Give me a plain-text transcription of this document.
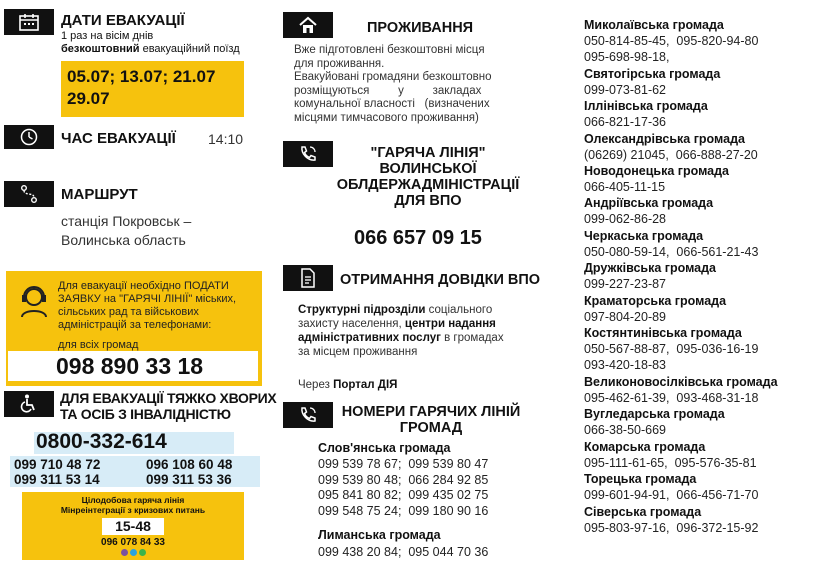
ДАТИ ЕВАКУАЦІЇ
1 раз на вісім днів
безкоштовний евакуаційний поїзд
05.07; 13.07; 21.07
29.07
ЧАС ЕВАКУАЦІЇ 14:10
МАРШРУТ
станція Покровськ –
Волинська область
Для евакуації необхідно ПОДАТИ
ЗАЯВКУ на "ГАРЯЧІ ЛІНІЇ" міських,
сільських рад та військових
адміністрацій за телефонами:
для всіх громад
098 890 33 18
ДЛЯ ЕВАКУАЦІЇ ТЯЖКО ХВОРИХ
ТА ОСІБ З ІНВАЛІДНІСТЮ
0800-332-614
099 710 48 72	096 108 60 48
099 311 53 14	099 311 53 36
Цілодобова гаряча лінія
Мінреінтеграції з кризових питань
15-48
096 078 84 33
ПРОЖИВАННЯ
Вже підготовлені безкоштовні місця
для проживання.
Евакуйовані громадяни безкоштовно
розміщуються         у         закладах
комунальної власності   (визначених
місцями тимчасового проживання)
"ГАРЯЧА ЛІНІЯ"
ВОЛИНСЬКОЇ
ОБЛДЕРЖАДМІНІСТРАЦІЇ
ДЛЯ ВПО
066 657 09 15
ОТРИМАННЯ ДОВІДКИ ВПО
Структурні підрозділи соціального
захисту населення, центри надання
адміністративних послуг в громадах
за місцем проживання
Через Портал ДІЯ
НОМЕРИ ГАРЯЧИХ ЛІНІЙ
ГРОМАД
Слов'янська громада
099 539 78 67;  099 539 80 47
099 539 80 48;  066 284 92 85
095 841 80 82;  099 435 02 75
099 548 75 24;  099 180 90 16
Лиманська громада
099 438 20 84;  095 044 70 36
Миколаївська громада
050-814-85-45,  095-820-94-80
095-698-98-18,
Святогірська громада
099-073-81-62
Іллінівська громада
066-821-17-36
Олександрівська громада
(06269) 21045,  066-888-27-20
Новодонецька громада
066-405-11-15
Андріївська громада
099-062-86-28
Черкаська громада
050-080-59-14,  066-561-21-43
Дружківська громада
099-227-23-87
Краматорська громада
097-804-20-89
Костянтинівська громада
050-567-88-87,  095-036-16-19
093-420-18-83
Великоновосілківська громада
095-462-61-39,  093-468-31-18
Вугледарська громада
066-38-50-669
Комарська громада
095-111-61-65,  095-576-35-81
Торецька громада
099-601-94-91,  066-456-71-70
Сіверська громада
095-803-97-16,  096-372-15-92
